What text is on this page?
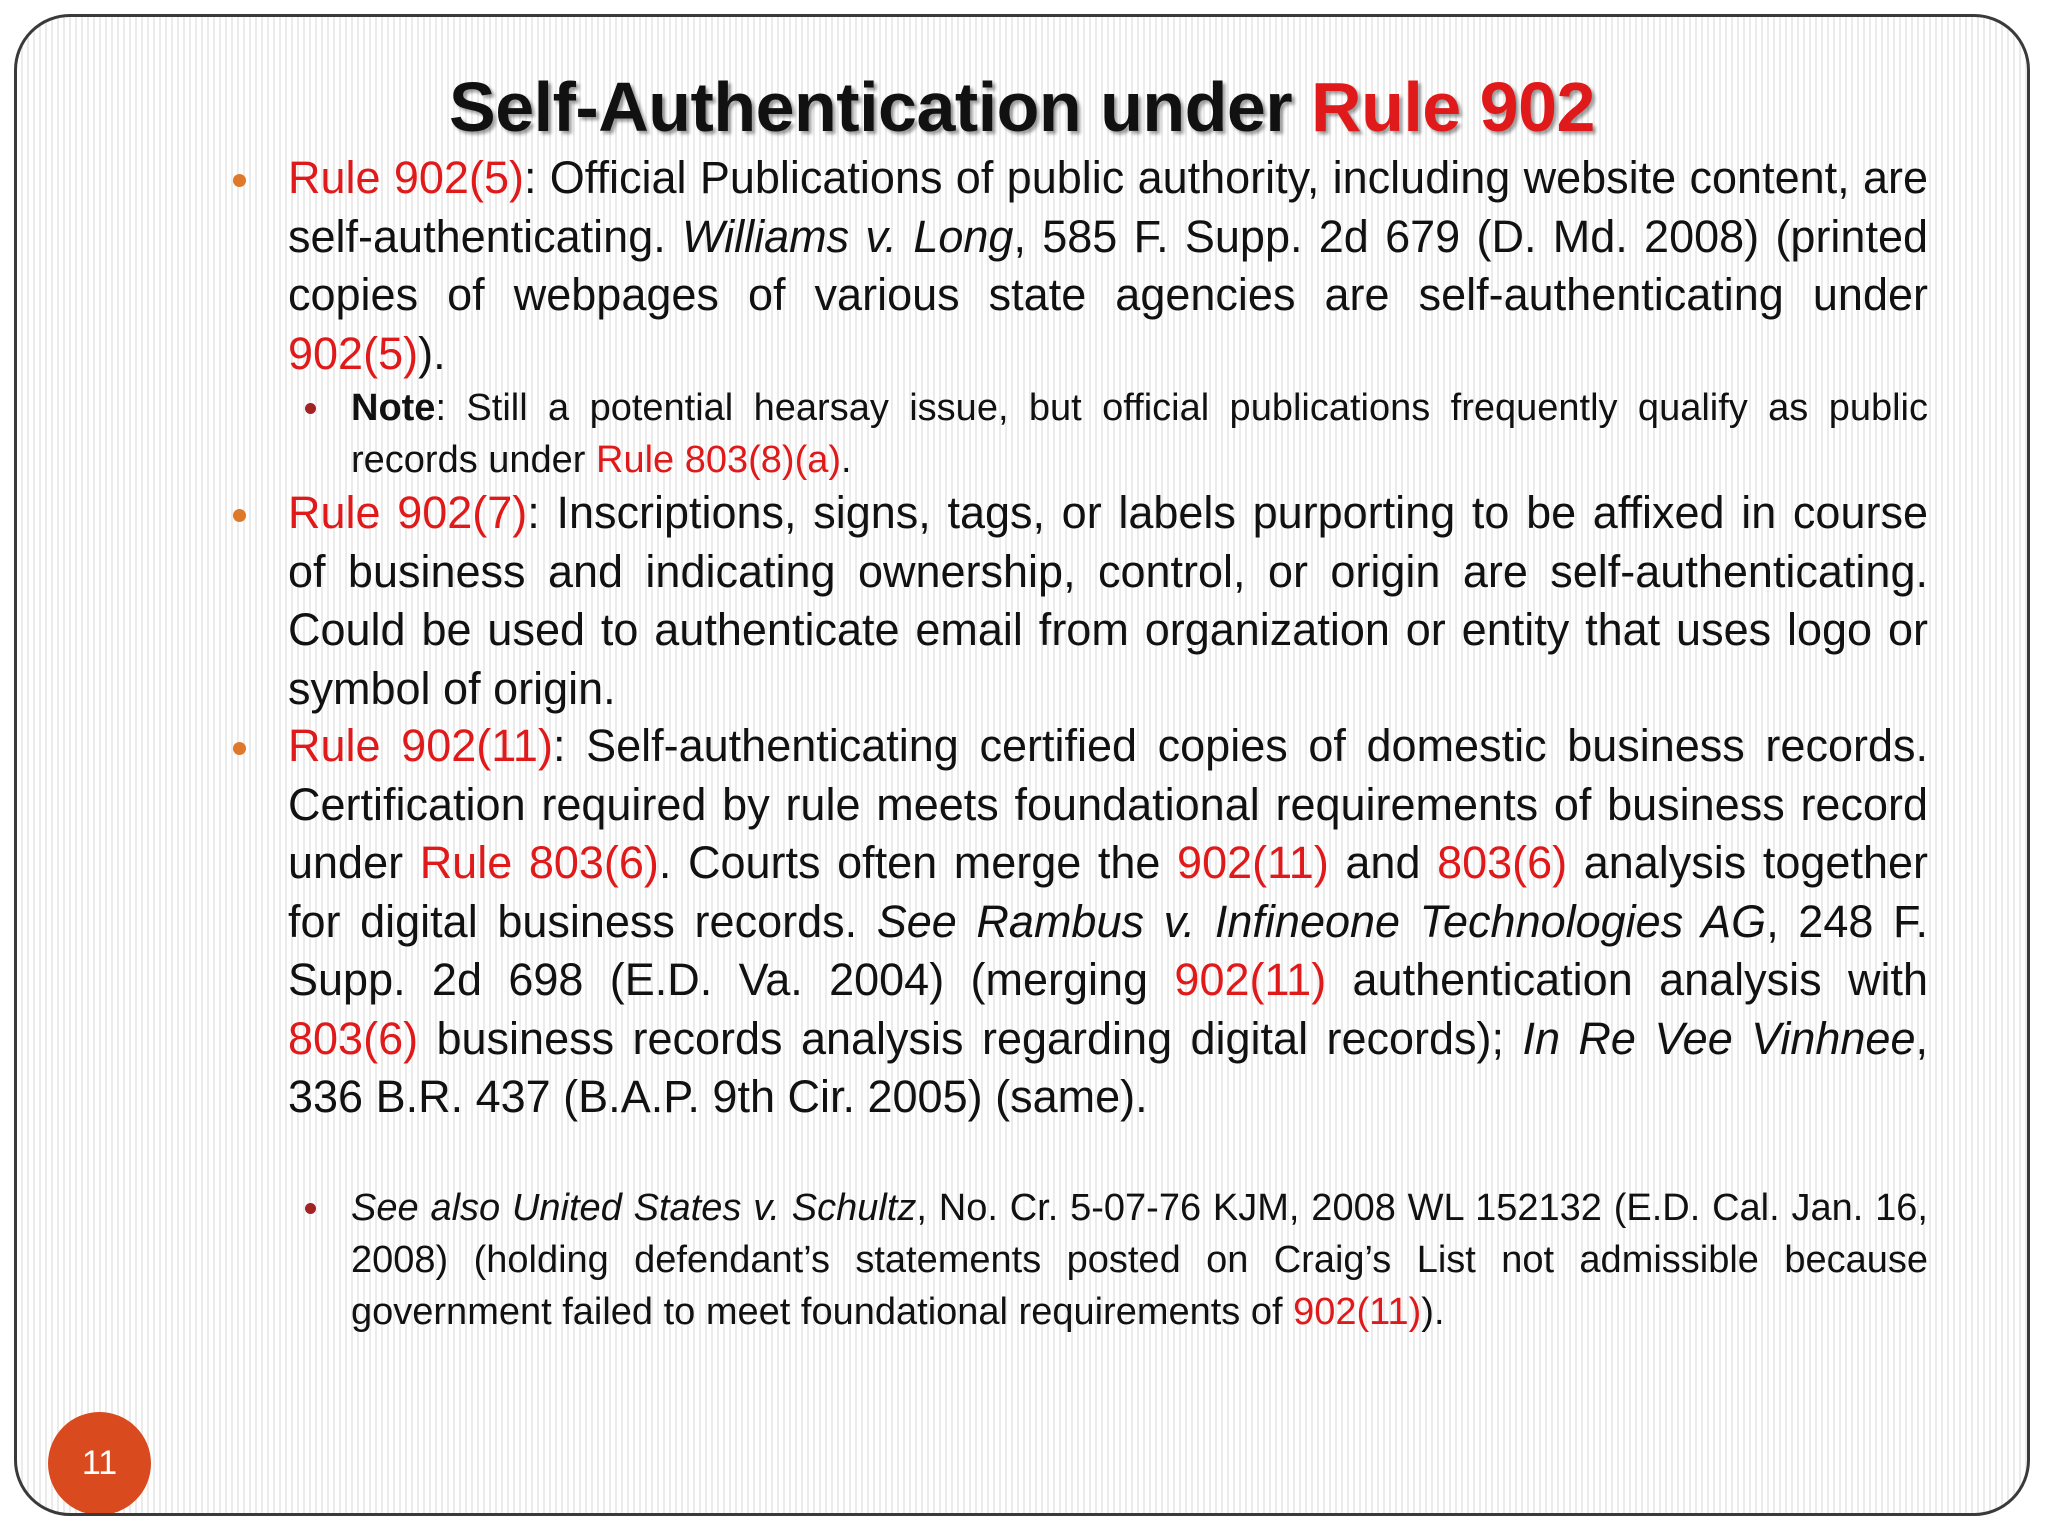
Self-Authentication under Rule 902
11
Rule 902(5): Official Publications of public authority, including website content, are self-authenticating. Williams v. Long, 585 F. Supp. 2d 679 (D. Md. 2008) (printed copies of webpages of various state agencies are self-authenticating under 902(5)).
Note: Still a potential hearsay issue, but official publications frequently qualify as public records under Rule 803(8)(a).
Rule 902(7): Inscriptions, signs, tags, or labels purporting to be affixed in course of business and indicating ownership, control, or origin are self-authenticating. Could be used to authenticate email from organization or entity that uses logo or symbol of origin.
Rule 902(11): Self-authenticating certified copies of domestic business records. Certification required by rule meets foundational requirements of business record under Rule 803(6). Courts often merge the 902(11) and 803(6) analysis together for digital business records. See Rambus v. Infineone Technologies AG, 248 F. Supp. 2d 698 (E.D. Va. 2004) (merging 902(11) authentication analysis with 803(6) business records analysis regarding digital records); In Re Vee Vinhnee, 336 B.R. 437 (B.A.P. 9th Cir. 2005) (same).
See also United States v. Schultz, No. Cr. 5-07-76 KJM, 2008 WL 152132 (E.D. Cal. Jan. 16, 2008) (holding defendant’s statements posted on Craig’s List not admissible because government failed to meet foundational requirements of 902(11)).
